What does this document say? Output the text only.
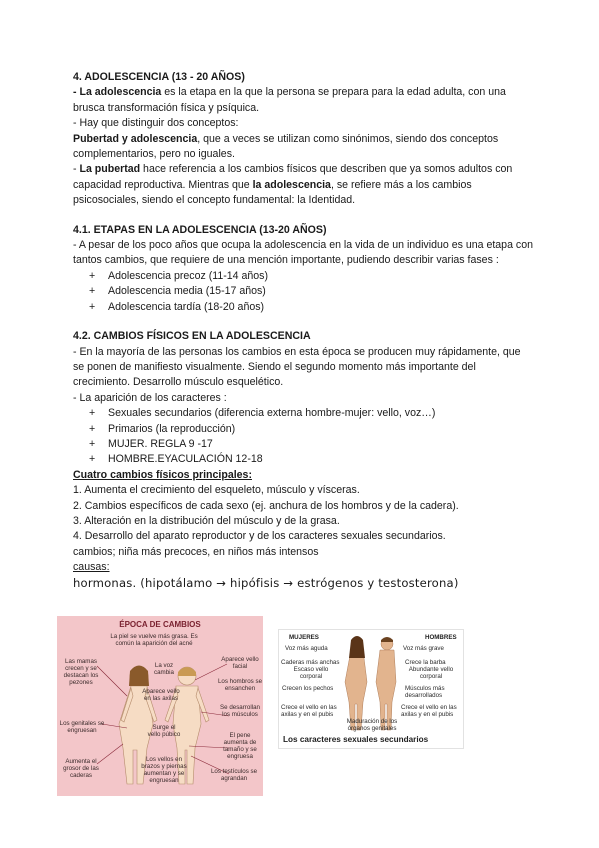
4. ADOLESCENCIA (13 - 20 AÑOS)

- La adolescencia es la etapa en la que la persona se prepara para la edad adulta, con una brusca transformación física y psíquica.

- Hay que distinguir dos conceptos:

Pubertad y adolescencia, que a veces se utilizan como sinónimos, siendo dos conceptos complementarios, pero no iguales.

- La pubertad hace referencia a los cambios físicos que describen que ya somos adultos con capacidad reproductiva. Mientras que la adolescencia, se refiere más a los cambios psicosociales, siendo el concepto fundamental: la Identidad.

4.1. ETAPAS EN LA ADOLESCENCIA (13-20 AÑOS)

- A pesar de los poco años que ocupa la adolescencia en la vida de un individuo es una etapa con tantos cambios, que requiere de una mención importante, pudiendo describir varias fases :

+ Adolescencia precoz (11-14 años)
+ Adolescencia media (15-17 años)
+ Adolescencia tardía (18-20 años)
4.2. CAMBIOS FÍSICOS EN LA ADOLESCENCIA

- En la mayoría de las personas los cambios en esta época se producen muy rápidamente, que se ponen de manifiesto visualmente. Siendo el segundo momento más importante del crecimiento. Desarrollo músculo esquelético.

- La aparición de los caracteres :

+ Sexuales secundarios (diferencia externa hombre-mujer: vello, voz…)
+ Primarios (la reproducción)
+ MUJER. REGLA 9 -17
+ HOMBRE.EYACULACIÓN 12-18

Cuatro cambios físicos principales:

1. Aumenta el crecimiento del esqueleto, músculo y vísceras.

2. Cambios específicos de cada sexo (ej. anchura de los hombros y de la cadera).

3. Alteración en la distribución del músculo y de la grasa.

4. Desarrollo del aparato reproductor y de los caracteres sexuales secundarios.

cambios; niña más precoces, en niños más intensos

causas:

hormonas. (hipotálamo → hipófisis → estrógenos y testosterona)

ÉPOCA DE CAMBIOS
La piel se vuelve más grasa. Es común la aparición del acné
Las mamas crecen y se destacan los pezones
La voz cambia
Aparece vello en las axilas
Aparece vello facial
Los hombros se ensanchen
Los genitales se engruesan	Surge el vello púbico
Se desarrollan los músculos
El pene aumenta de tamaño y se engruesa
Aumenta el grosor de las caderas
Los vellos en brazos y piernas aumentan y se engruesan
Los testículos se agrandan
MUJERES	HOMBRES
Voz más aguda
Caderas más anchas
Escaso vello corporal
Crecen los pechos
Crece el vello en las axilas y en el pubis
Voz más grave
Crece la barba
Abundante vello corporal
Músculos más desarrollados
Crece el vello en las axilas y en el pubis
Maduración de los órganos genitales
Los caracteres sexuales secundarios
